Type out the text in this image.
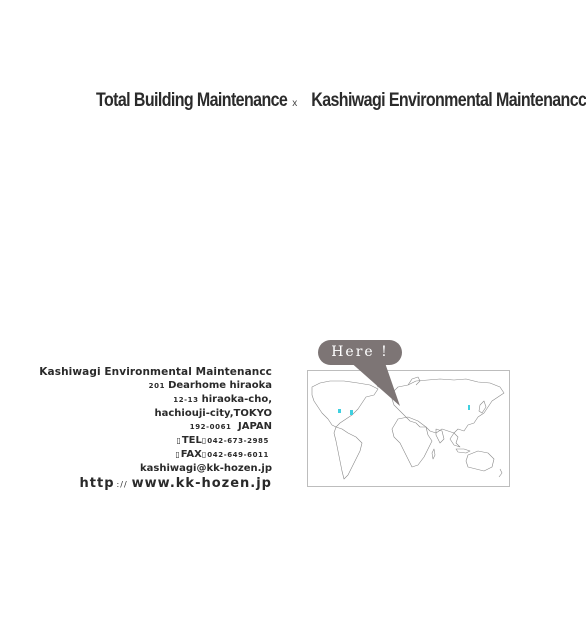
Total Building Maintenance x Kashiwagi Environmental Maintenancc
Kashiwagi Environmental Maintenancc
201 Dearhome hiraoka
12-13 hiraoka-cho,
hachiouji-city,TOKYO
192-0061 JAPAN
▯TEL▯042-673-2985
▯FAX▯042-649-6011
kashiwagi@kk-hozen.jp
http :// www.kk-hozen.jp
Here !
